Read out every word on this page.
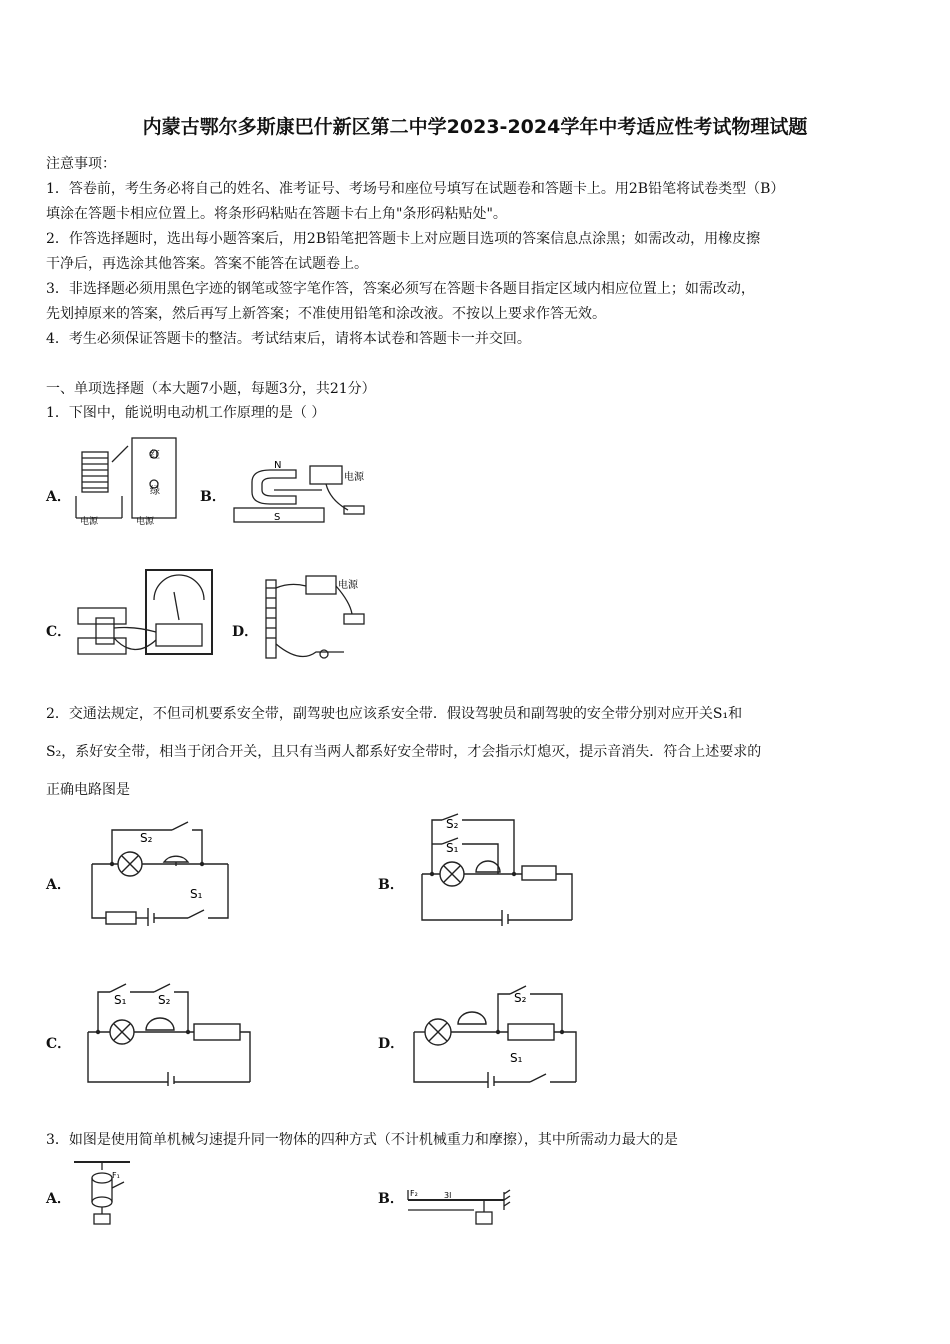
内蒙古鄂尔多斯康巴什新区第二中学2023-2024学年中考适应性考试物理试题
注意事项：
1．答卷前，考生务必将自己的姓名、准考证号、考场号和座位号填写在试题卷和答题卡上。用2B铅笔将试卷类型（B）
填涂在答题卡相应位置上。将条形码粘贴在答题卡右上角"条形码粘贴处"。
2．作答选择题时，选出每小题答案后，用2B铅笔把答题卡上对应题目选项的答案信息点涂黑；如需改动，用橡皮擦
干净后，再选涂其他答案。答案不能答在试题卷上。
3．非选择题必须用黑色字迹的钢笔或签字笔作答，答案必须写在答题卡各题目指定区域内相应位置上；如需改动，
先划掉原来的答案，然后再写上新答案；不准使用铅笔和涂改液。不按以上要求作答无效。
4．考生必须保证答题卡的整洁。考试结束后，请将本试卷和答题卡一并交回。
一、单项选择题（本大题7小题，每题3分，共21分）
1．下图中，能说明电动机工作原理的是（ ）
A．	B．
C．	D．
红
绿
电源	电源
N
S
电源
电源
2．交通法规定，不但司机要系安全带，副驾驶也应该系安全带．假设驾驶员和副驾驶的安全带分别对应开关S₁和
S₂，系好安全带，相当于闭合开关，且只有当两人都系好安全带时，才会指示灯熄灭，提示音消失．符合上述要求的
正确电路图是
A．	B．
C．	D．
S₂
S₁
S₂
S₁
S₁	S₂	S₂
S₁
3．如图是使用简单机械匀速提升同一物体的四种方式（不计机械重力和摩擦），其中所需动力最大的是
A．	B．
F₁
F₂	3l
